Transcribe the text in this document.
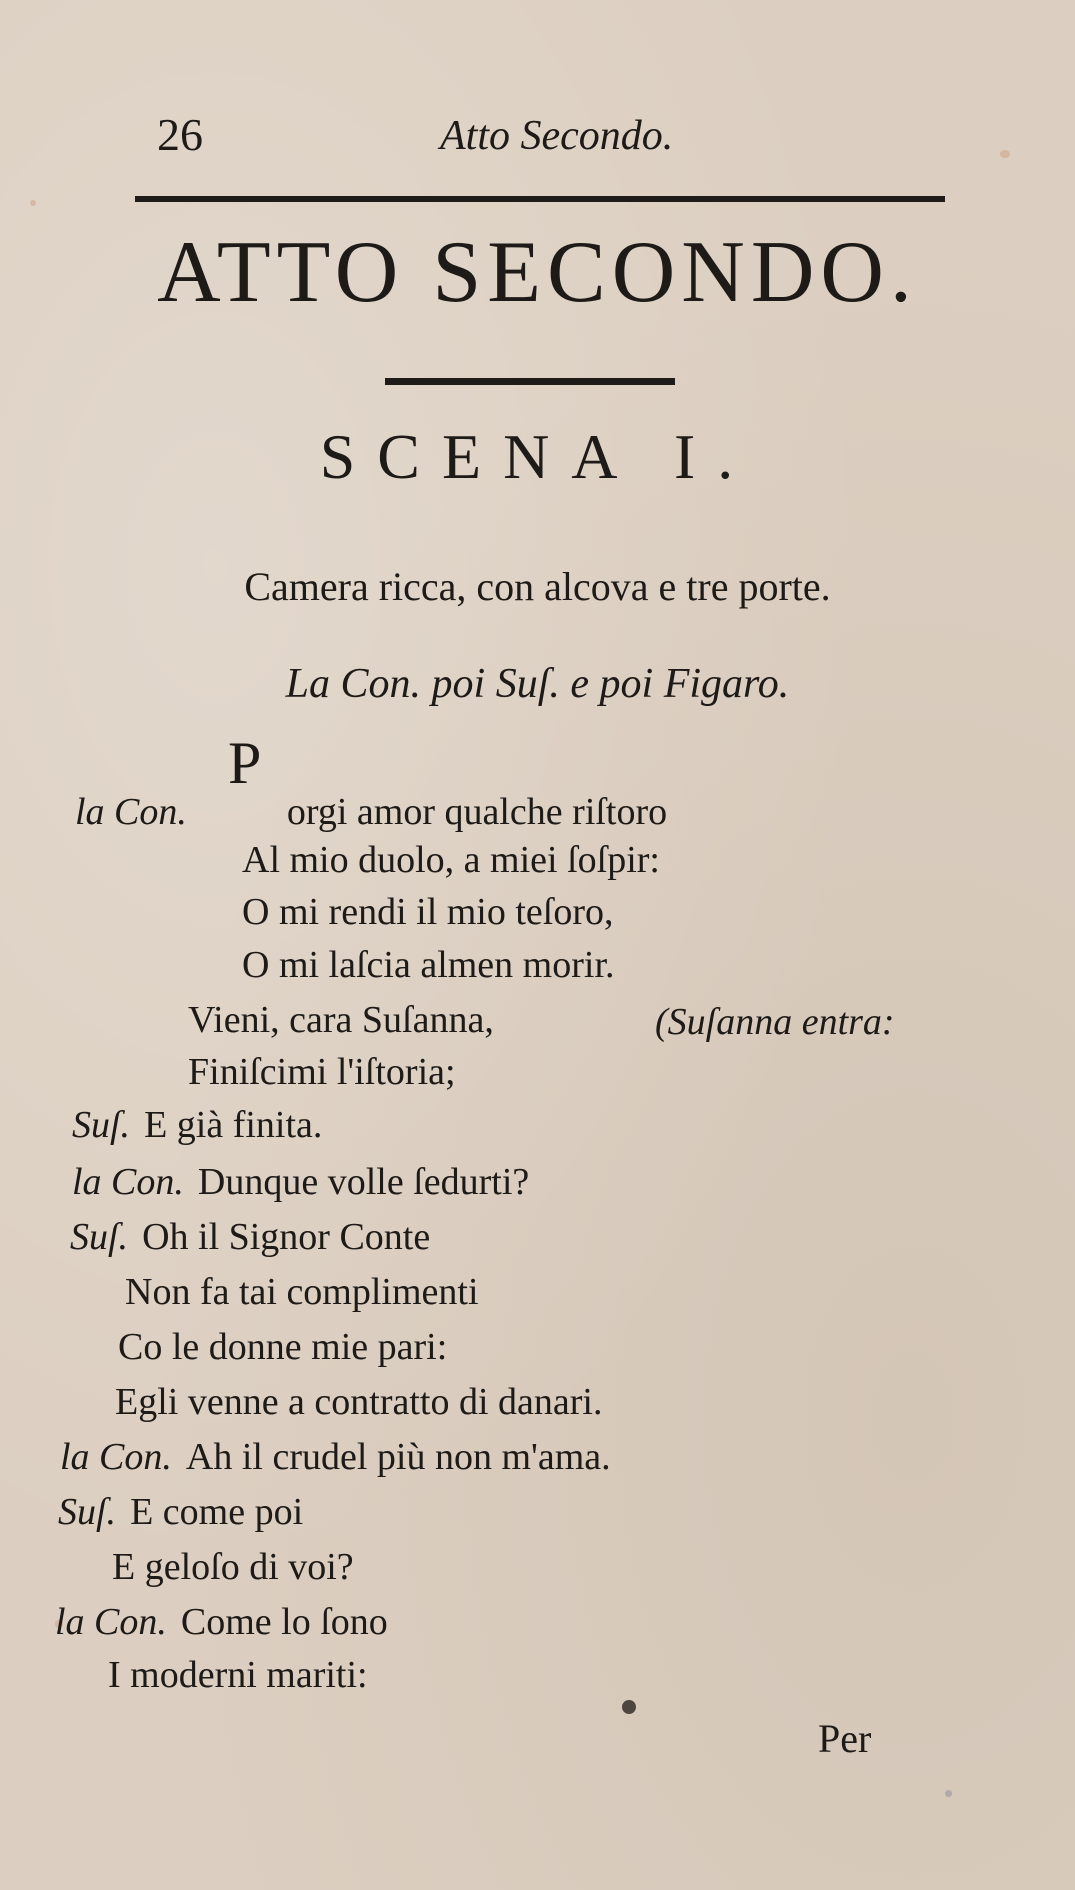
26	Atto Secondo.
ATTO SECONDO.
SCENA I.
Camera ricca, con alcova e tre porte.
La Con. poi Suſ. e poi Figaro.
P
la Con.	orgi amor qualche riſtoro
Al mio duolo, a miei ſoſpir:
O mi rendi il mio teſoro,
O mi laſcia almen morir.
Vieni, cara Suſanna,	(Suſanna entra:
Finiſcimi l'iſtoria;
Suſ. E già finita.
la Con. Dunque volle ſedurti?
Suſ. Oh il Signor Conte
Non fa tai complimenti
Co le donne mie pari:
Egli venne a contratto di danari.
la Con. Ah il crudel più non m'ama.
Suſ. E come poi
E geloſo di voi?
la Con. Come lo ſono
I moderni mariti:
Per
